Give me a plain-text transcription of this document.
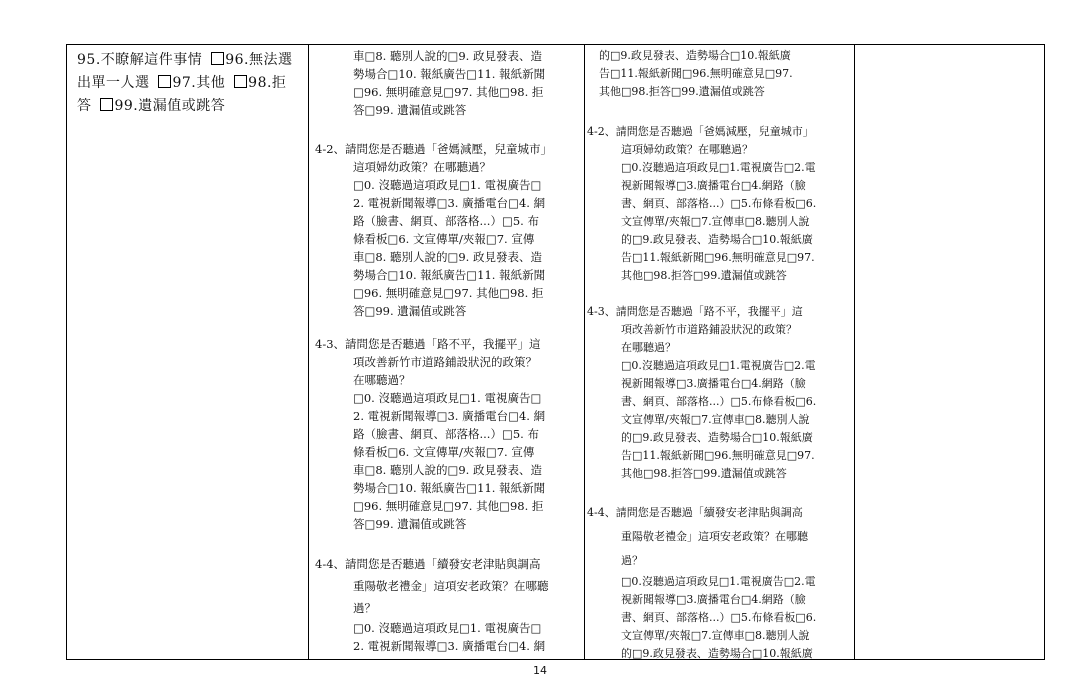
95.不瞭解這件事情 96.無法選出單一人選 97.其他 98.拒答 99.遺漏值或跳答

車□8. 聽別人說的□9. 政見發表、造
勢場合□10. 報紙廣告□11. 報紙新聞
□96. 無明確意見□97. 其他□98. 拒
答□99. 遺漏值或跳答
4-2、請問您是否聽過「爸媽減壓，兒童城市」
這項婦幼政策？在哪聽過？
□0. 沒聽過這項政見□1. 電視廣告□
2. 電視新聞報導□3. 廣播電台□4. 網
路（臉書、網頁、部落格...）□5. 布
條看板□6. 文宣傳單/夾報□7. 宣傳
車□8. 聽別人說的□9. 政見發表、造
勢場合□10. 報紙廣告□11. 報紙新聞
□96. 無明確意見□97. 其他□98. 拒
答□99. 遺漏值或跳答
4-3、請問您是否聽過「路不平，我擺平」這
項改善新竹市道路鋪設狀況的政策？
在哪聽過？
□0. 沒聽過這項政見□1. 電視廣告□
2. 電視新聞報導□3. 廣播電台□4. 網
路（臉書、網頁、部落格...）□5. 布
條看板□6. 文宣傳單/夾報□7. 宣傳
車□8. 聽別人說的□9. 政見發表、造
勢場合□10. 報紙廣告□11. 報紙新聞
□96. 無明確意見□97. 其他□98. 拒
答□99. 遺漏值或跳答
4-4、請問您是否聽過「續發安老津貼與調高
重陽敬老禮金」這項安老政策？在哪聽
過？
□0. 沒聽過這項政見□1. 電視廣告□
2. 電視新聞報導□3. 廣播電台□4. 網

的□9.政見發表、造勢場合□10.報紙廣
告□11.報紙新聞□96.無明確意見□97.
其他□98.拒答□99.遺漏值或跳答
4-2、請問您是否聽過「爸媽減壓，兒童城市」
這項婦幼政策？在哪聽過？
□0.沒聽過這項政見□1.電視廣告□2.電
視新聞報導□3.廣播電台□4.網路（臉
書、網頁、部落格...）□5.布條看板□6.
文宣傳單/夾報□7.宣傳車□8.聽別人說
的□9.政見發表、造勢場合□10.報紙廣
告□11.報紙新聞□96.無明確意見□97.
其他□98.拒答□99.遺漏值或跳答
4-3、請問您是否聽過「路不平，我擺平」這
項改善新竹市道路鋪設狀況的政策？
在哪聽過？
□0.沒聽過這項政見□1.電視廣告□2.電
視新聞報導□3.廣播電台□4.網路（臉
書、網頁、部落格...）□5.布條看板□6.
文宣傳單/夾報□7.宣傳車□8.聽別人說
的□9.政見發表、造勢場合□10.報紙廣
告□11.報紙新聞□96.無明確意見□97.
其他□98.拒答□99.遺漏值或跳答
4-4、請問您是否聽過「續發安老津貼與調高
重陽敬老禮金」這項安老政策？在哪聽
過？
□0.沒聽過這項政見□1.電視廣告□2.電
視新聞報導□3.廣播電台□4.網路（臉
書、網頁、部落格...）□5.布條看板□6.
文宣傳單/夾報□7.宣傳車□8.聽別人說
的□9.政見發表、造勢場合□10.報紙廣

14
